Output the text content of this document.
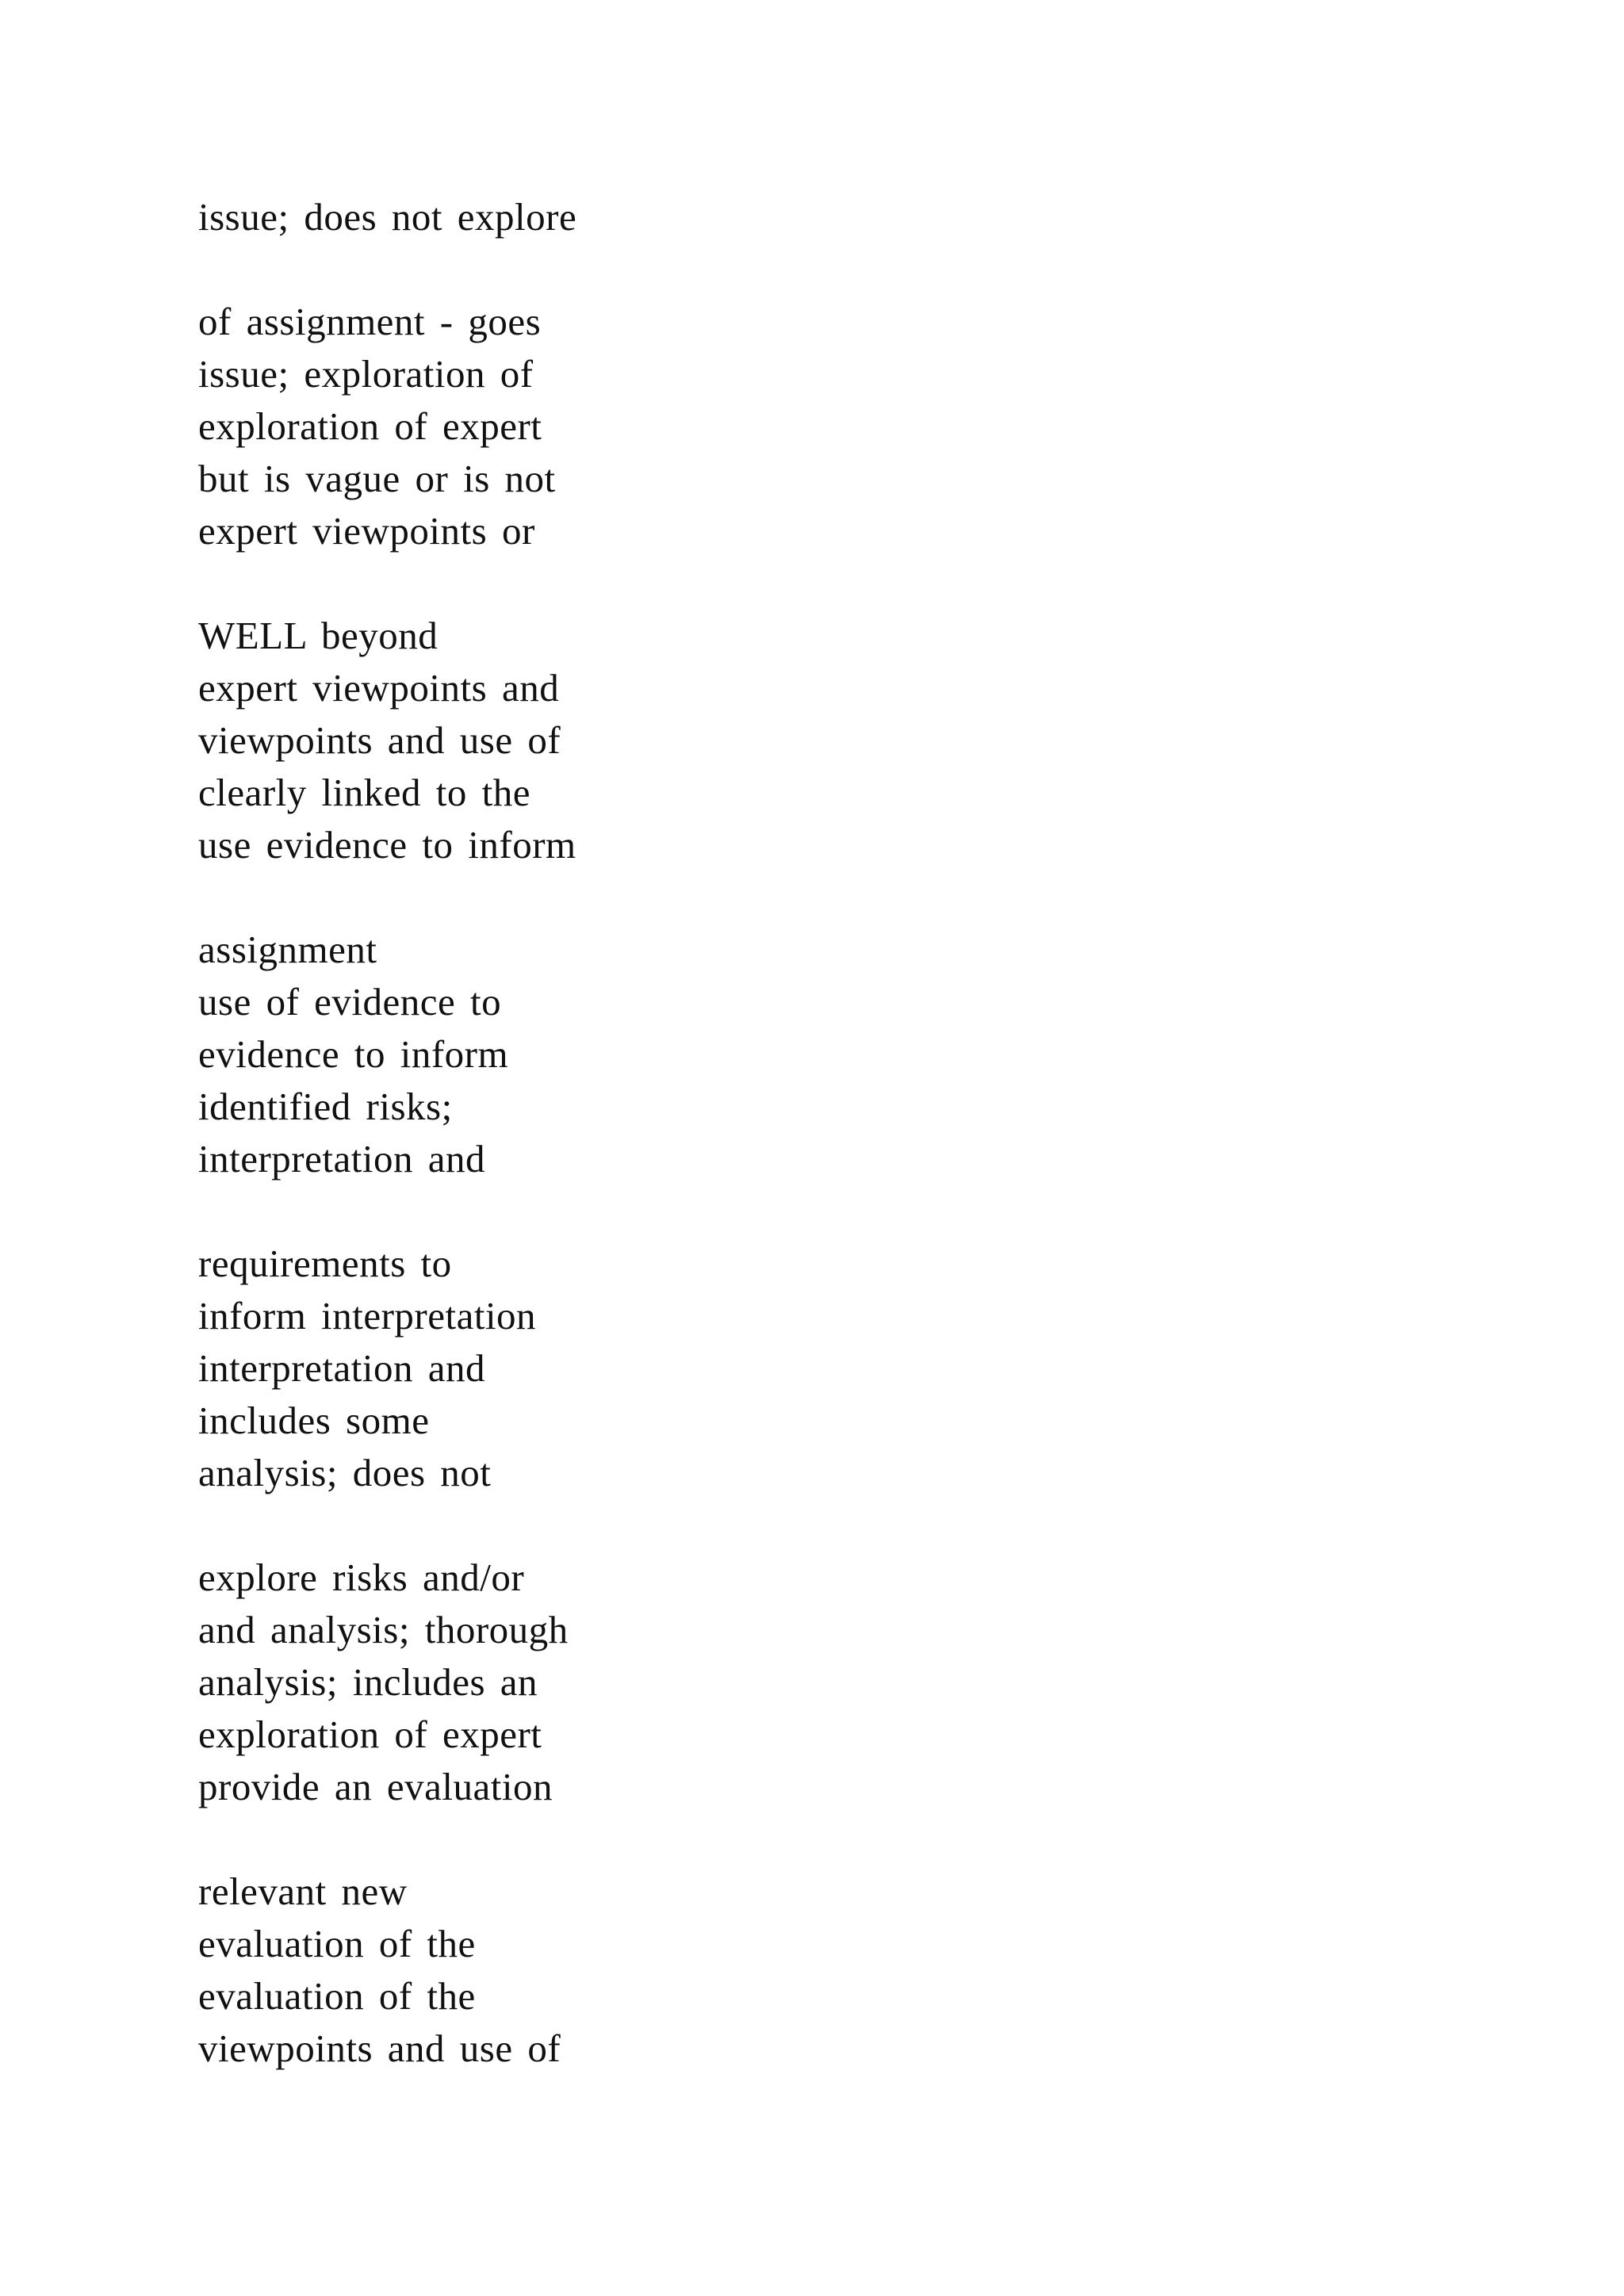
issue; does not explore
of assignment - goes
issue; exploration of
exploration of expert
but is vague or is not
expert viewpoints or
WELL beyond
expert viewpoints and
viewpoints and use of
clearly linked to the
use evidence to inform
assignment
use of evidence to
evidence to inform
identified risks;
interpretation and
requirements to
inform interpretation
interpretation and
includes some
analysis; does not
explore risks and/or
and analysis; thorough
analysis; includes an
exploration of expert
provide an evaluation
relevant new
evaluation of the
evaluation of the
viewpoints and use of
